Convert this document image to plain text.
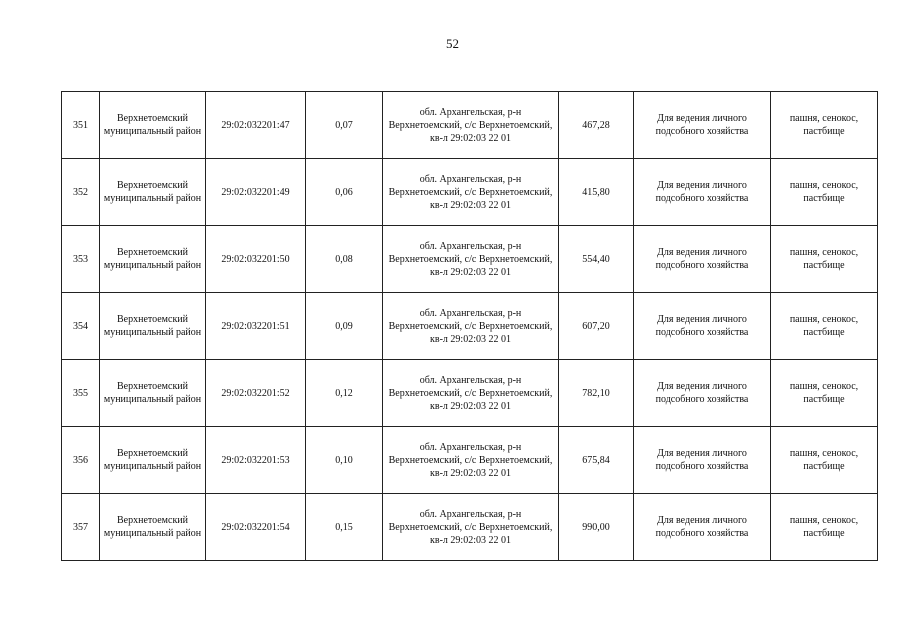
52
351	Верхнетоемский муниципальный район	29:02:032201:47	0,07	обл. Архангельская, р-н Верхнетоемский, с/с Верхнетоемский, кв-л 29:02:03 22 01	467,28	Для ведения личного подсобного хозяйства	пашня, сенокос, пастбище
352	Верхнетоемский муниципальный район	29:02:032201:49	0,06	обл. Архангельская, р-н Верхнетоемский, с/с Верхнетоемский, кв-л 29:02:03 22 01	415,80	Для ведения личного подсобного хозяйства	пашня, сенокос, пастбище
353	Верхнетоемский муниципальный район	29:02:032201:50	0,08	обл. Архангельская, р-н Верхнетоемский, с/с Верхнетоемский, кв-л 29:02:03 22 01	554,40	Для ведения личного подсобного хозяйства	пашня, сенокос, пастбище
354	Верхнетоемский муниципальный район	29:02:032201:51	0,09	обл. Архангельская, р-н Верхнетоемский, с/с Верхнетоемский, кв-л 29:02:03 22 01	607,20	Для ведения личного подсобного хозяйства	пашня, сенокос, пастбище
355	Верхнетоемский муниципальный район	29:02:032201:52	0,12	обл. Архангельская, р-н Верхнетоемский, с/с Верхнетоемский, кв-л 29:02:03 22 01	782,10	Для ведения личного подсобного хозяйства	пашня, сенокос, пастбище
356	Верхнетоемский муниципальный район	29:02:032201:53	0,10	обл. Архангельская, р-н Верхнетоемский, с/с Верхнетоемский, кв-л 29:02:03 22 01	675,84	Для ведения личного подсобного хозяйства	пашня, сенокос, пастбище
357	Верхнетоемский муниципальный район	29:02:032201:54	0,15	обл. Архангельская, р-н Верхнетоемский, с/с Верхнетоемский, кв-л 29:02:03 22 01	990,00	Для ведения личного подсобного хозяйства	пашня, сенокос, пастбище
